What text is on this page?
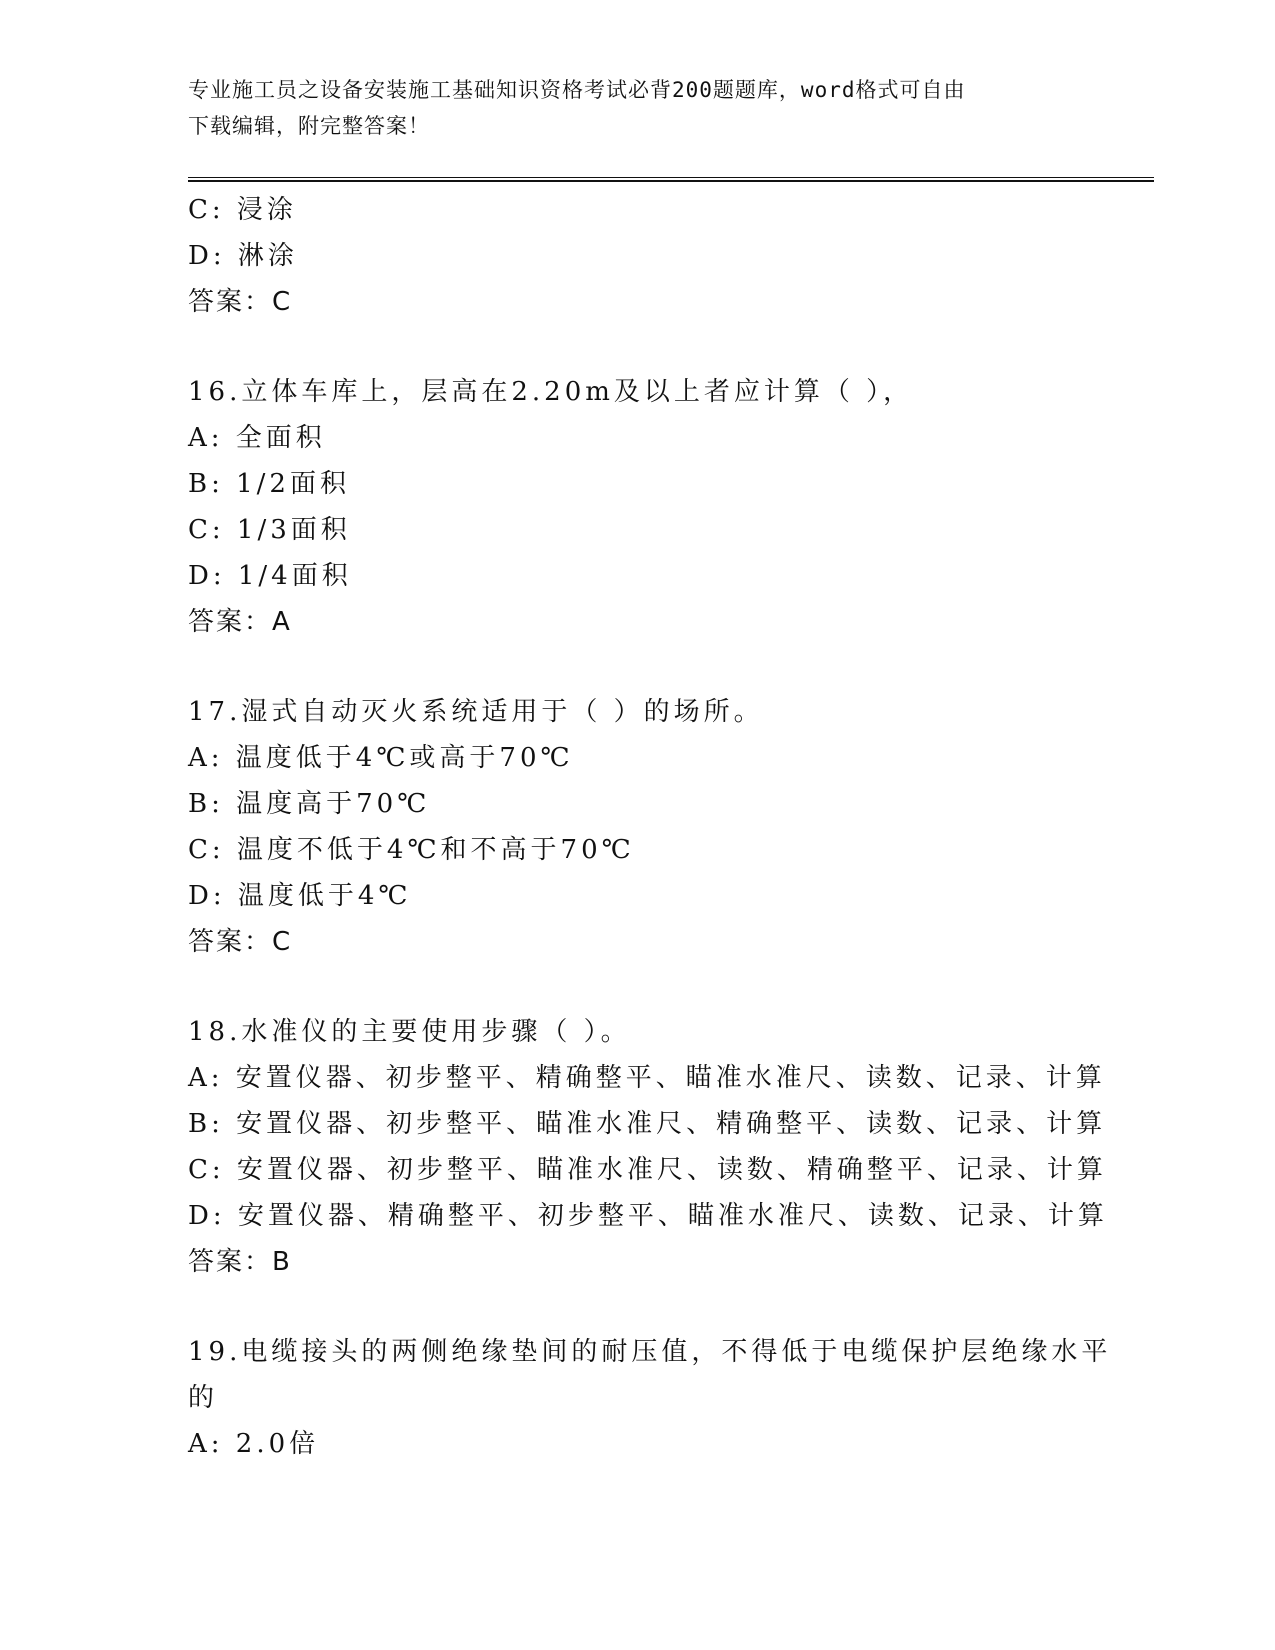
专业施工员之设备安装施工基础知识资格考试必背200题题库，word格式可自由
下载编辑，附完整答案！
C: 浸涂
D: 淋涂
答案：C
16.立体车库上，层高在2.20m及以上者应计算（ ），
A: 全面积
B: 1/2面积
C: 1/3面积
D: 1/4面积
答案：A
17.湿式自动灭火系统适用于（ ）的场所。
A: 温度低于4℃或高于70℃
B: 温度高于70℃
C: 温度不低于4℃和不高于70℃
D: 温度低于4℃
答案：C
18.水准仪的主要使用步骤（ ）。
A: 安置仪器、初步整平、精确整平、瞄准水准尺、读数、记录、计算
B: 安置仪器、初步整平、瞄准水准尺、精确整平、读数、记录、计算
C: 安置仪器、初步整平、瞄准水准尺、读数、精确整平、记录、计算
D: 安置仪器、精确整平、初步整平、瞄准水准尺、读数、记录、计算
答案：B
19.电缆接头的两侧绝缘垫间的耐压值，不得低于电缆保护层绝缘水平
的
A: 2.0倍
